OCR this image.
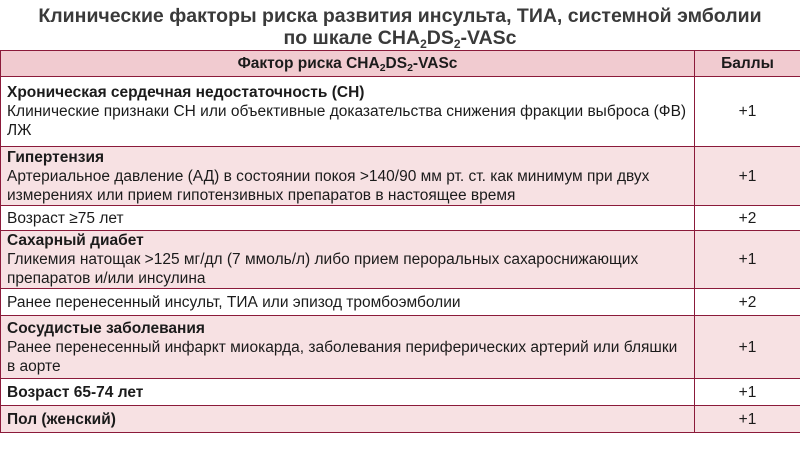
Клинические факторы риска развития инсульта, ТИА, системной эмболии
по шкале $CHA_2DS_2$-VASc
Фактор риска $CHA_2DS_2$-VASc	Баллы

Хроническая сердечная недостаточность (СН)
Клинические признаки СН или объективные доказательства снижения фракции выброса (ФВ) ЛЖ	+1

Гипертензия
Артериальное давление (АД) в состоянии покоя >140/90 мм рт. ст. как минимум при двух измерениях или прием гипотензивных препаратов в настоящее время	+1
Возраст ≥75 лет	+2

Сахарный диабет
Гликемия натощак >125 мг/дл (7 ммоль/л) либо прием пероральных сахароснижающих препаратов и/или инсулина	+1
Ранее перенесенный инсульт, ТИА или эпизод тромбоэмболии	+2

Сосудистые заболевания
Ранее перенесенный инфаркт миокарда, заболевания периферических артерий или бляшки в аорте	+1
Возраст 65-74 лет	+1
Пол (женский)	+1
